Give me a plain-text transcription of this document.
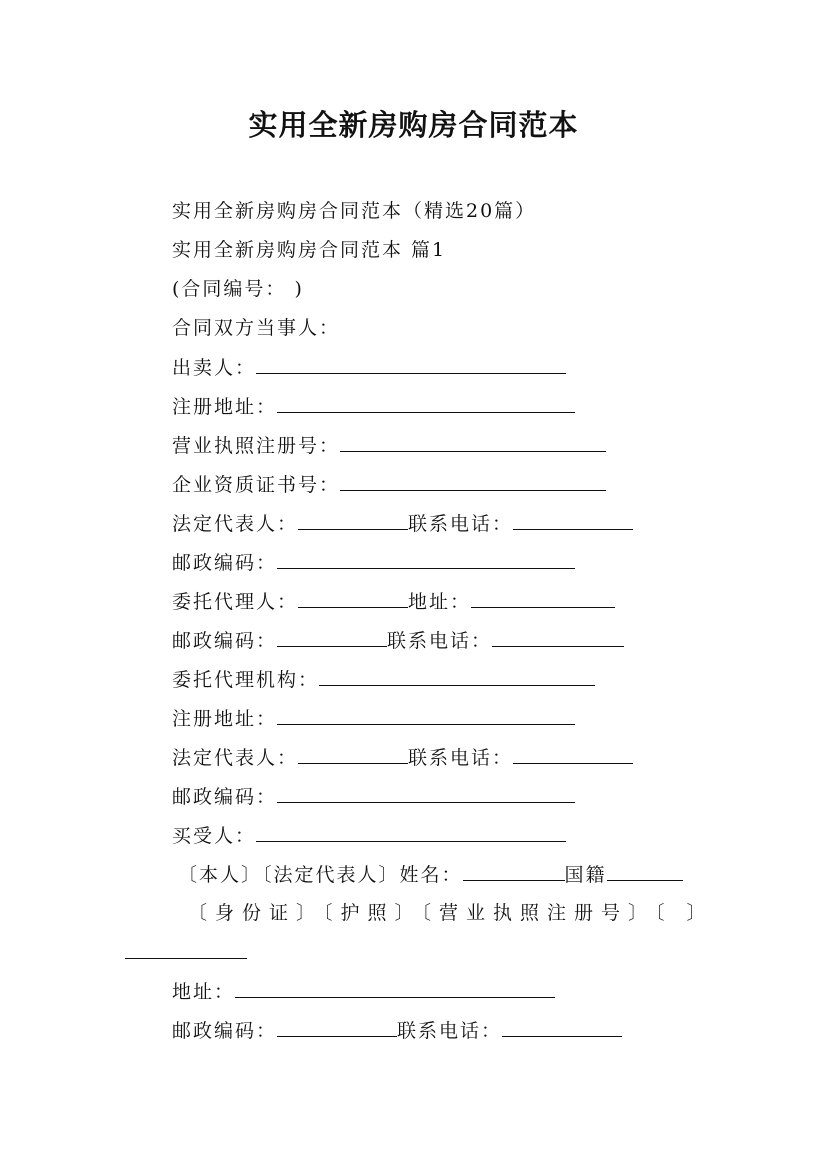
实用全新房购房合同范本
实用全新房购房合同范本（精选20篇）
实用全新房购房合同范本 篇1
(合同编号： )
合同双方当事人：
出卖人：
注册地址：
营业执照注册号：
企业资质证书号：
法定代表人：	联系电话：
邮政编码：
委托代理人：	地址：
邮政编码：	联系电话：
委托代理机构：
注册地址：
法定代表人：	联系电话：
邮政编码：
买受人：
〔本人〕〔法定代表人〕姓名：	国籍
〔身份证〕〔护照〕〔营业执照注册号〕〔 〕
地址：
邮政编码：	联系电话：
